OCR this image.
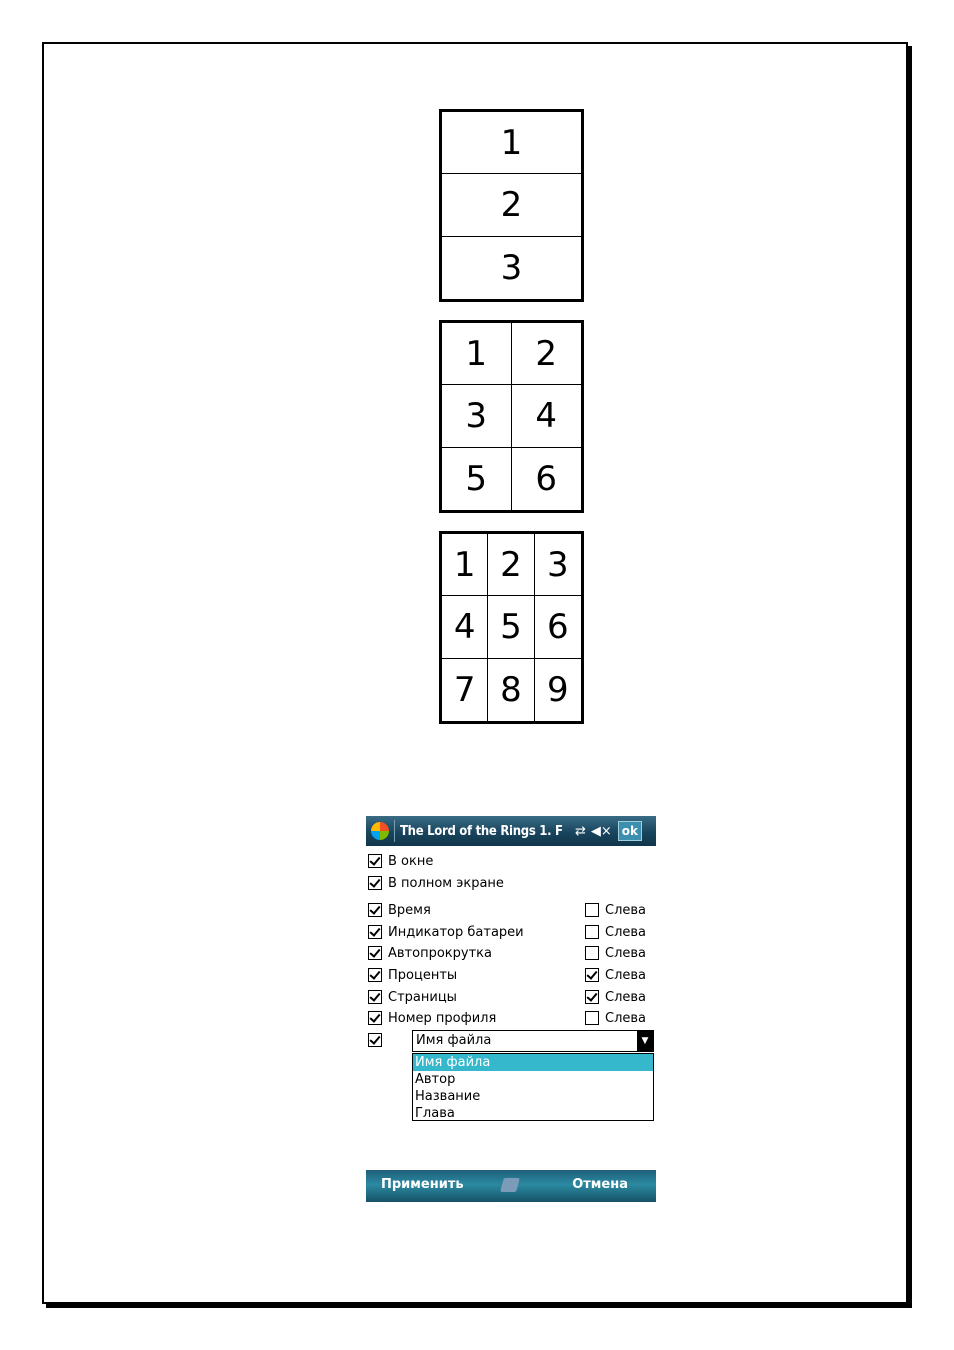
1
2
3
1	2
3	4
5	6
1 2 3
4 5 6
7 8 9
The Lord of the Rings 1. F ⇄ ◀× ok
В окне
В полном экране
Время	Слева
Индикатор батареи	Слева
Автопрокрутка	Слева
Проценты	Слева
Страницы	Слева
Номер профиля	Слева
Имя файла	▼
Имя файла
Автор
Название
Глава
Применить	Отмена
